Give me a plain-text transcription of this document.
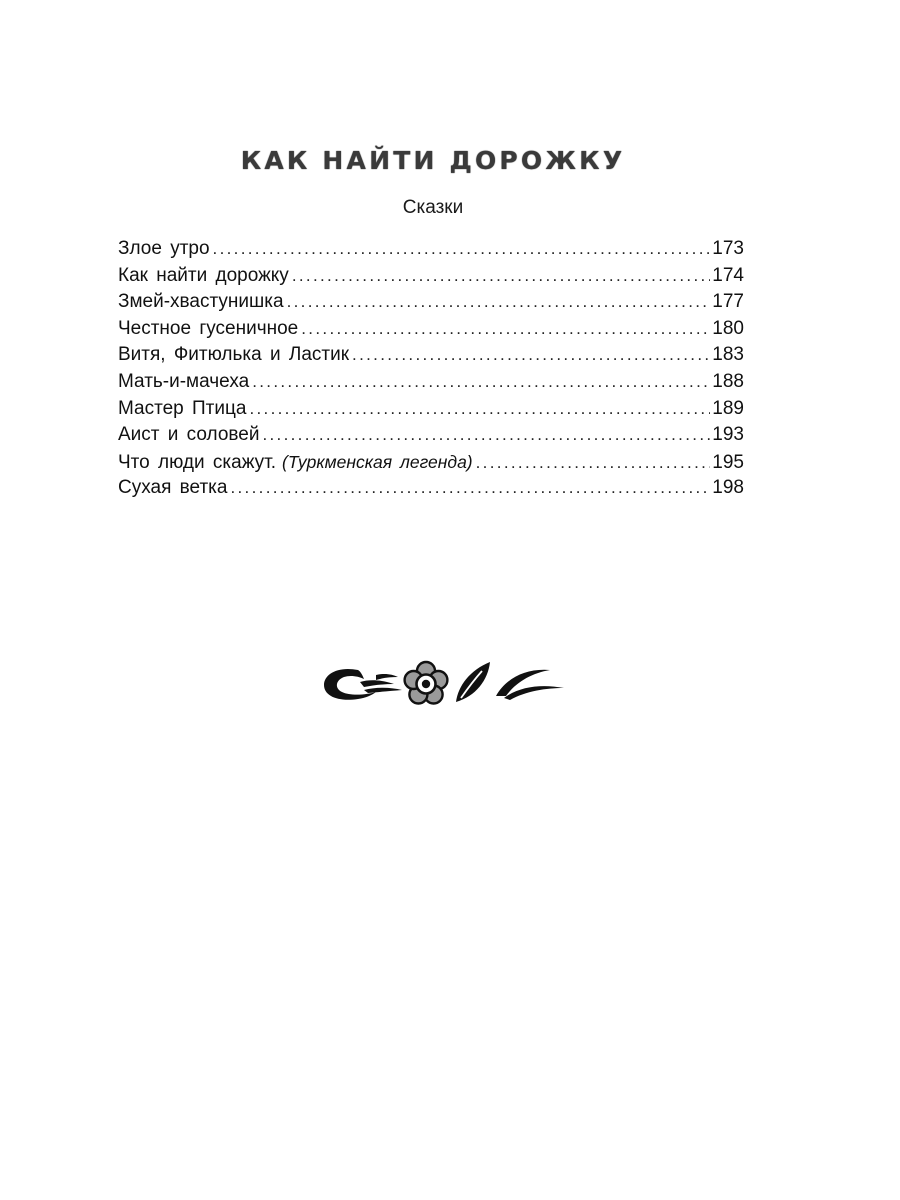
КАК НАЙТИ ДОРОЖКУ
Сказки
Злое утро . . .	173
Как найти дорожку . . .	174
Змей-хвастунишка . . .	177
Честное гусеничное . . .	180
Витя, Фитюлька и Ластик . . .	183
Мать-и-мачеха . . .	188
Мастер Птица . . .	189
Аист и соловей . . .	193
Что люди скажут. (Туркменская легенда) . . .	195
Сухая ветка . . .	198
